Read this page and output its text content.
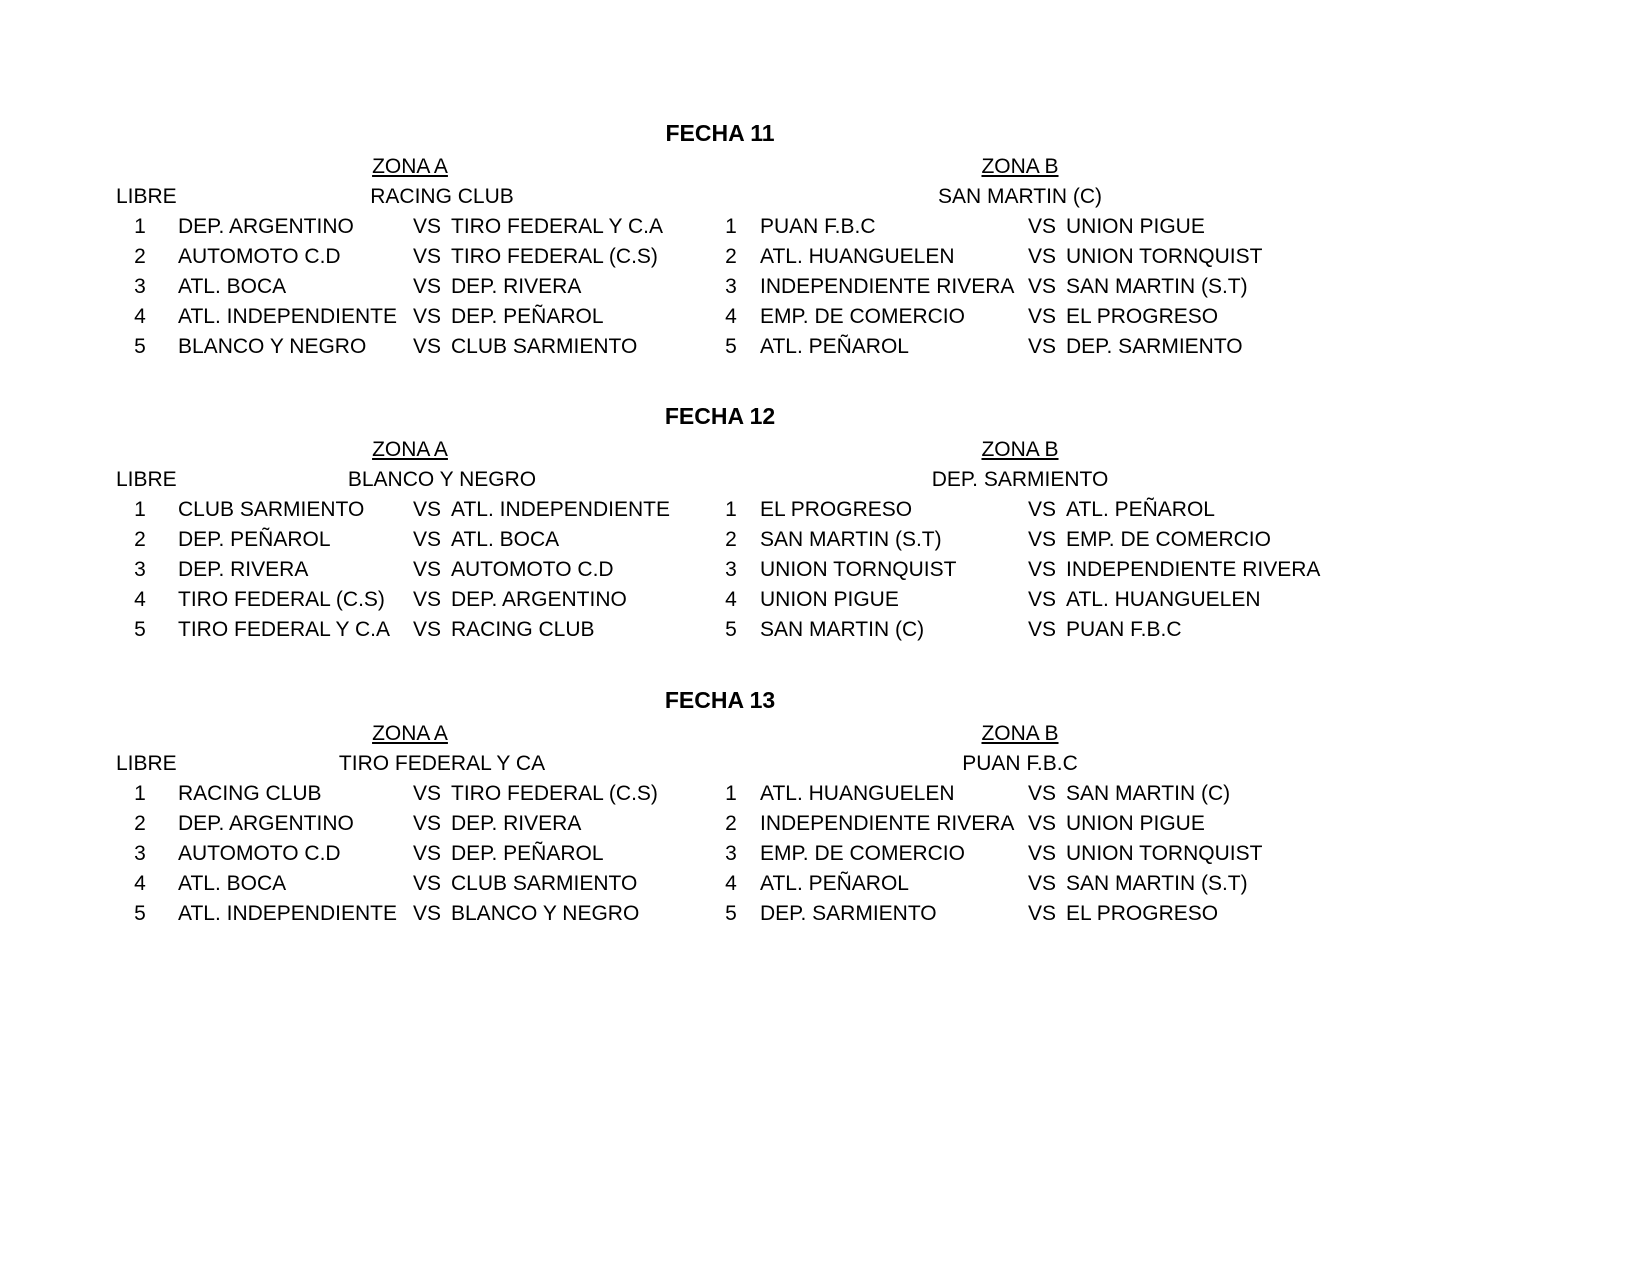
FECHA 11
ZONA A	ZONA B
LIBRE	RACING CLUB	SAN MARTIN (C)
1 DEP. ARGENTINO	VS TIRO FEDERAL Y C.A	1 PUAN F.B.C	VS UNION PIGUE
2 AUTOMOTO C.D	VS TIRO FEDERAL (C.S)	2 ATL. HUANGUELEN	VS UNION TORNQUIST
3 ATL. BOCA	VS DEP. RIVERA	3 INDEPENDIENTE RIVERA VS SAN MARTIN (S.T)
4 ATL. INDEPENDIENTE VS DEP. PEÑAROL	4 EMP. DE COMERCIO	VS EL PROGRESO
5 BLANCO Y NEGRO VS CLUB SARMIENTO	5 ATL. PEÑAROL	VS DEP. SARMIENTO
FECHA 12
ZONA A	ZONA B
LIBRE	BLANCO Y NEGRO	DEP. SARMIENTO
1 CLUB SARMIENTO VS ATL. INDEPENDIENTE	1 EL PROGRESO	VS ATL. PEÑAROL
2 DEP. PEÑAROL	VS ATL. BOCA	2 SAN MARTIN (S.T)	VS EMP. DE COMERCIO
3 DEP. RIVERA	VS AUTOMOTO C.D	3 UNION TORNQUIST	VS INDEPENDIENTE RIVERA
4 TIRO FEDERAL (C.S) VS DEP. ARGENTINO	4 UNION PIGUE	VS ATL. HUANGUELEN
5 TIRO FEDERAL Y C.A VS RACING CLUB	5 SAN MARTIN (C)	VS PUAN F.B.C
FECHA 13
ZONA A	ZONA B
LIBRE	TIRO FEDERAL Y CA	PUAN F.B.C
1 RACING CLUB	VS TIRO FEDERAL (C.S)	1 ATL. HUANGUELEN	VS SAN MARTIN (C)
2 DEP. ARGENTINO	VS DEP. RIVERA	2 INDEPENDIENTE RIVERA VS UNION PIGUE
3 AUTOMOTO C.D	VS DEP. PEÑAROL	3 EMP. DE COMERCIO	VS UNION TORNQUIST
4 ATL. BOCA	VS CLUB SARMIENTO	4 ATL. PEÑAROL	VS SAN MARTIN (S.T)
5 ATL. INDEPENDIENTE VS BLANCO Y NEGRO	5 DEP. SARMIENTO	VS EL PROGRESO
